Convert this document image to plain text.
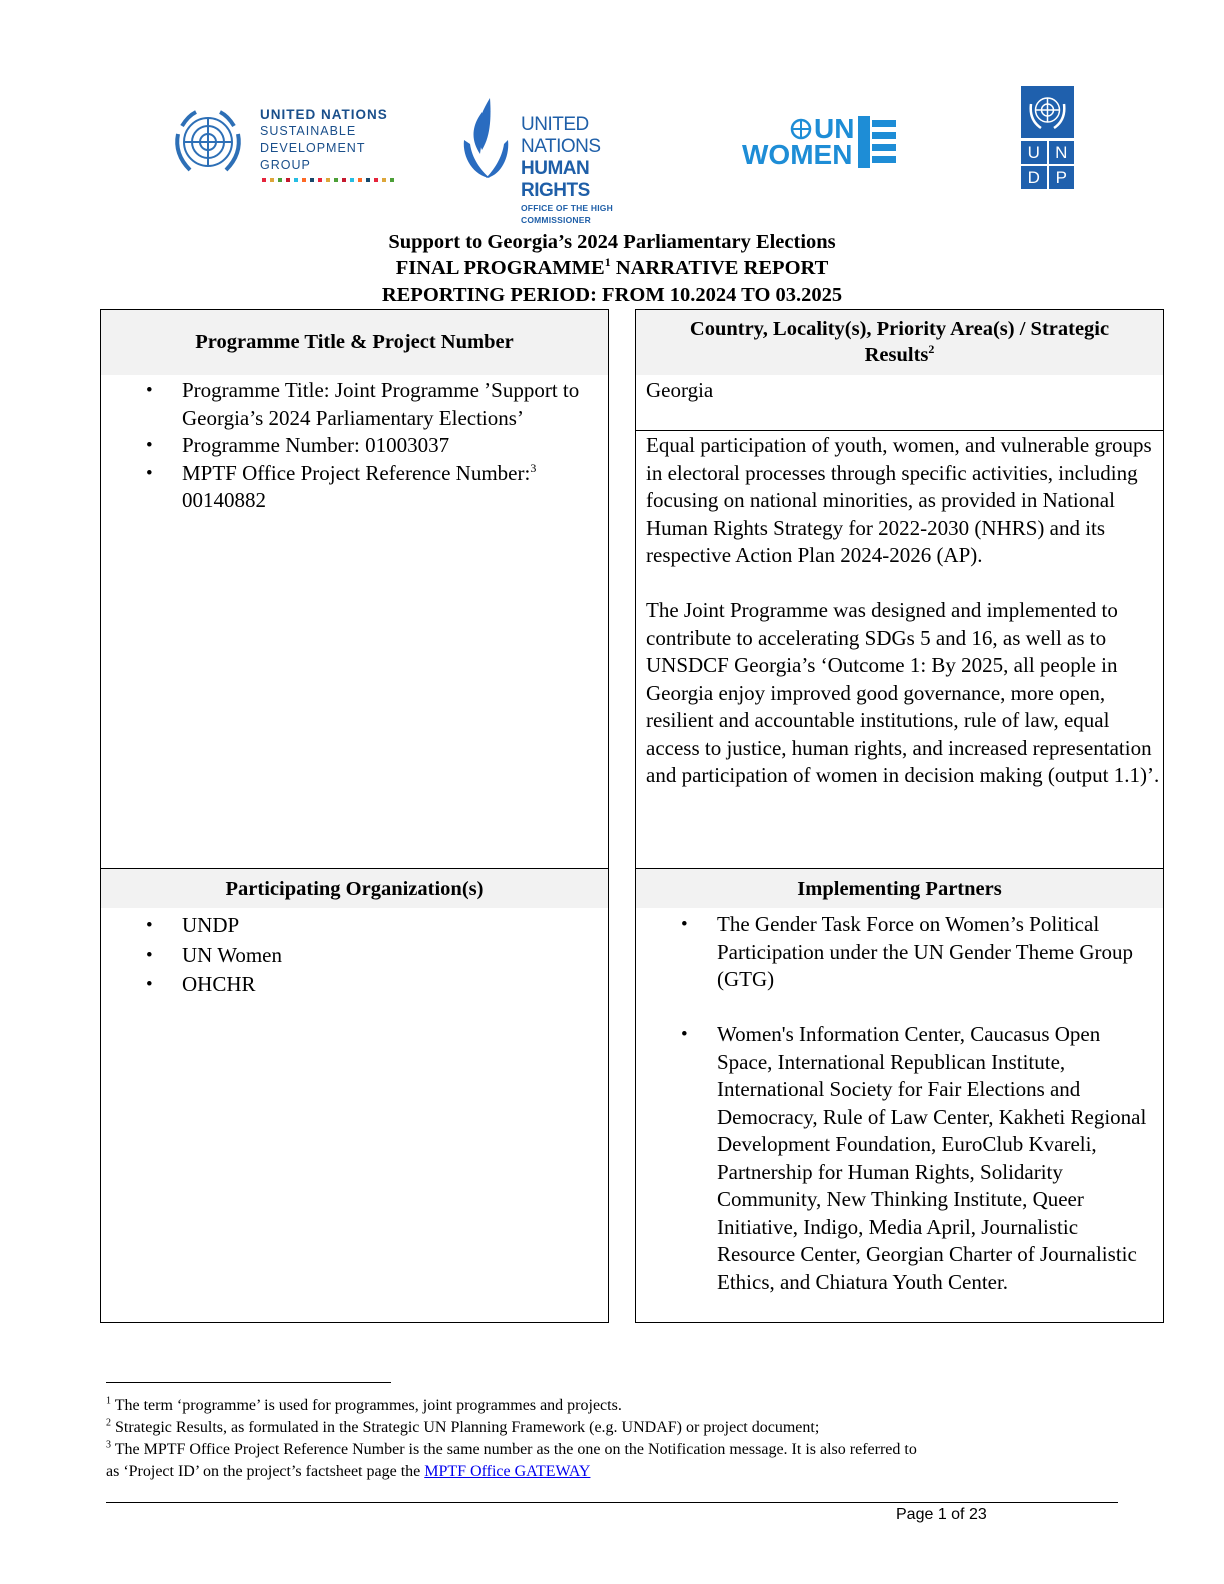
UNITED NATIONS
SUSTAINABLE
DEVELOPMENT
GROUP
UNITED NATIONS
HUMAN RIGHTS
OFFICE OF THE HIGH COMMISSIONER
UN
WOMEN	U N
D P
Support to Georgia’s 2024 Parliamentary Elections
FINAL PROGRAMME$^1$ NARRATIVE REPORT
REPORTING PERIOD: FROM 10.2024 TO 03.2025
Programme Title & Project Number
• Programme Title: Joint Programme ’Support to Georgia’s 2024 Parliamentary Elections’
• Programme Number: 01003037
• MPTF Office Project Reference Number:$^3$
00140882
Country, Locality(s), Priority Area(s) / Strategic
Results$^2$
Georgia
Equal participation of youth, women, and vulnerable groups in electoral processes through specific activities, including focusing on national minorities, as provided in National Human Rights Strategy for 2022-2030 (NHRS) and its respective Action Plan 2024-2026 (AP).
The Joint Programme was designed and implemented to contribute to accelerating SDGs 5 and 16, as well as to UNSDCF Georgia’s ‘Outcome 1: By 2025, all people in Georgia enjoy improved good governance, more open, resilient and accountable institutions, rule of law, equal access to justice, human rights, and increased representation and participation of women in decision making (output 1.1)’.
Participating Organization(s)
• UNDP
• UN Women
• OHCHR
Implementing Partners
• The Gender Task Force on Women’s Political Participation under the UN Gender Theme Group (GTG)
• Women's Information Center, Caucasus Open Space, International Republican Institute, International Society for Fair Elections and Democracy, Rule of Law Center, Kakheti Regional Development Foundation, EuroClub Kvareli, Partnership for Human Rights, Solidarity Community, New Thinking Institute, Queer Initiative, Indigo, Media April, Journalistic Resource Center, Georgian Charter of Journalistic Ethics, and Chiatura Youth Center.
$^1$ The term ‘programme’ is used for programmes, joint programmes and projects.
$^2$ Strategic Results, as formulated in the Strategic UN Planning Framework (e.g. UNDAF) or project document;
$^3$ The MPTF Office Project Reference Number is the same number as the one on the Notification message. It is also referred to
as ‘Project ID’ on the project’s factsheet page the MPTF Office GATEWAY
Page 1 of 23
